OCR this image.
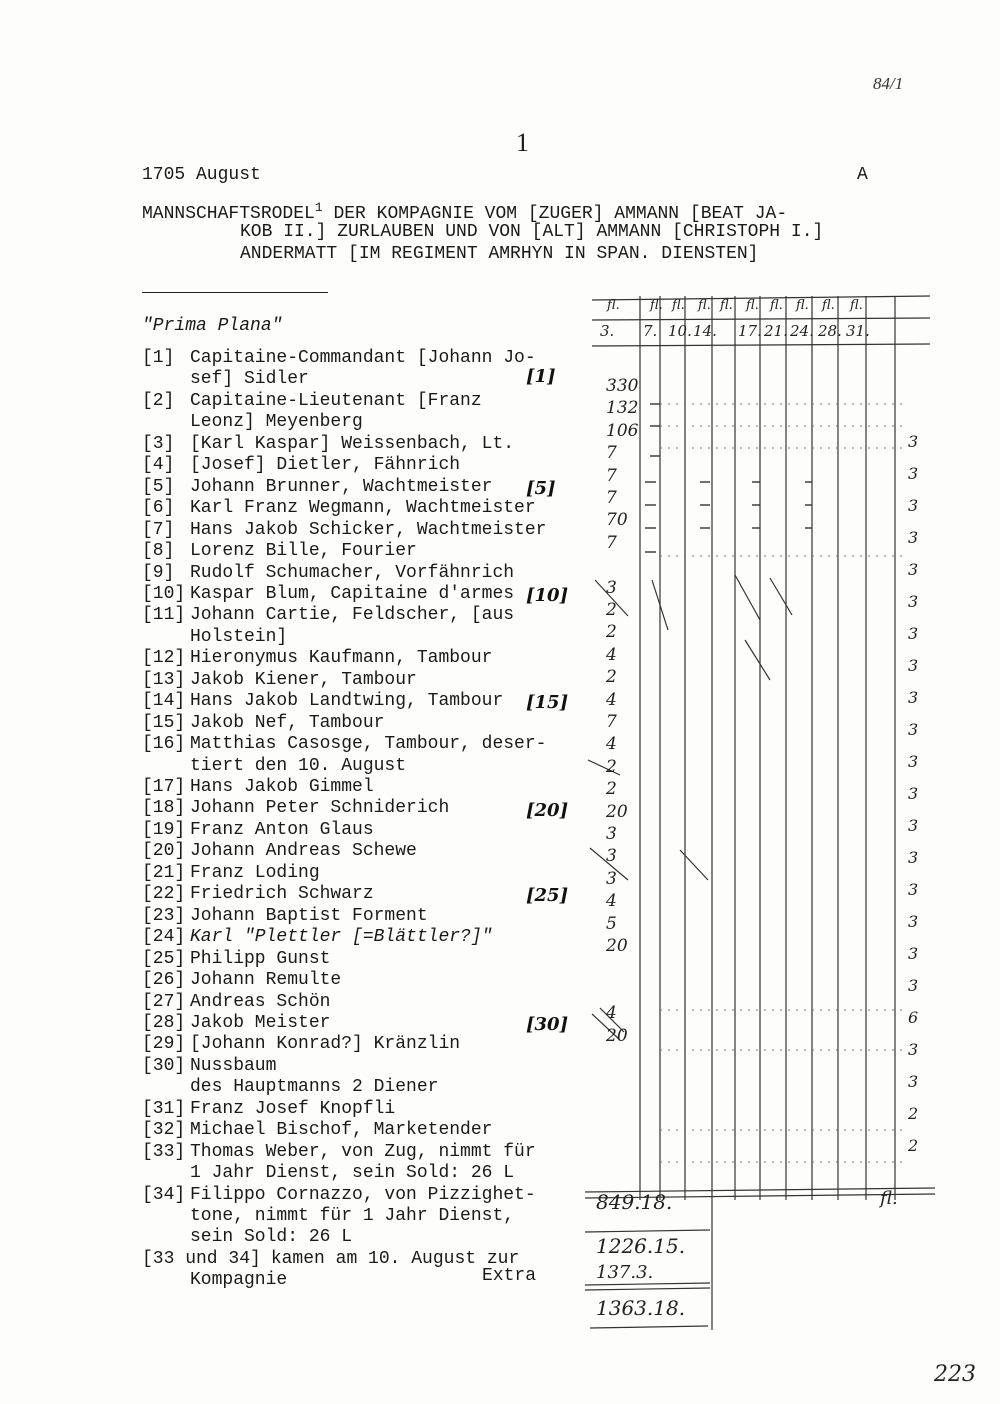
84/1
1
1705 August	A
MANNSCHAFTSRODEL$^1$ DER KOMPAGNIE VOM [ZUGER] AMMANN [BEAT JA-
KOB II.] ZURLAUBEN UND VON [ALT] AMMANN [CHRISTOPH I.]
ANDERMATT [IM REGIMENT AMRHYN IN SPAN. DIENSTEN]
"Prima Plana"
[1] Capitaine-Commandant [Johann Jo-
sef] Sidler
[2] Capitaine-Lieutenant [Franz
Leonz] Meyenberg
[3] [Karl Kaspar] Weissenbach, Lt.
[4] [Josef] Dietler, Fähnrich
[5] Johann Brunner, Wachtmeister
[6] Karl Franz Wegmann, Wachtmeister
[7] Hans Jakob Schicker, Wachtmeister
[8] Lorenz Bille, Fourier
[9] Rudolf Schumacher, Vorfähnrich
[10] Kaspar Blum, Capitaine d'armes
[11] Johann Cartie, Feldscher, [aus
Holstein]
[12] Hieronymus Kaufmann, Tambour
[13] Jakob Kiener, Tambour
[14] Hans Jakob Landtwing, Tambour
[15] Jakob Nef, Tambour
[16] Matthias Casosge, Tambour, deser-
tiert den 10. August
[17] Hans Jakob Gimmel
[18] Johann Peter Schniderich
[19] Franz Anton Glaus
[20] Johann Andreas Schewe
[21] Franz Loding
[22] Friedrich Schwarz
[23] Johann Baptist Forment
[24] Karl "Plettler [=Blättler?]"
[25] Philipp Gunst
[26] Johann Remulte
[27] Andreas Schön
[28] Jakob Meister
[29] [Johann Konrad?] Kränzlin
[30] Nussbaum
des Hauptmanns 2 Diener
[31] Franz Josef Knopfli
[32] Michael Bischof, Marketender
[33] Thomas Weber, von Zug, nimmt für
1 Jahr Dienst, sein Sold: 26 L
[34] Filippo Cornazzo, von Pizzighet-
tone, nimmt für 1 Jahr Dienst,
sein Sold: 26 L
[33 und 34] kamen am 10. August zur
Kompagnie	Extra
[1]
[5]
[10]
[15]
[20]
[25]
[30]
fl. fl. fl. fl. fl. fl. fl. fl. fl. fl.
3. 7. 10. 14. 17. 21. 24. 28. 31.
330
132
106
7
7
7
70
7
3
2
2
4
2
4
7
4
2
2
20
3
3
3
4
5
20
4
20
3
3
3
3
3
3
3
3
3
3
3
3
3
3
3
3
3
3
6
3
3
2
2
849.18.
1226.15.
137.3.
1363.18.
fl.
223
